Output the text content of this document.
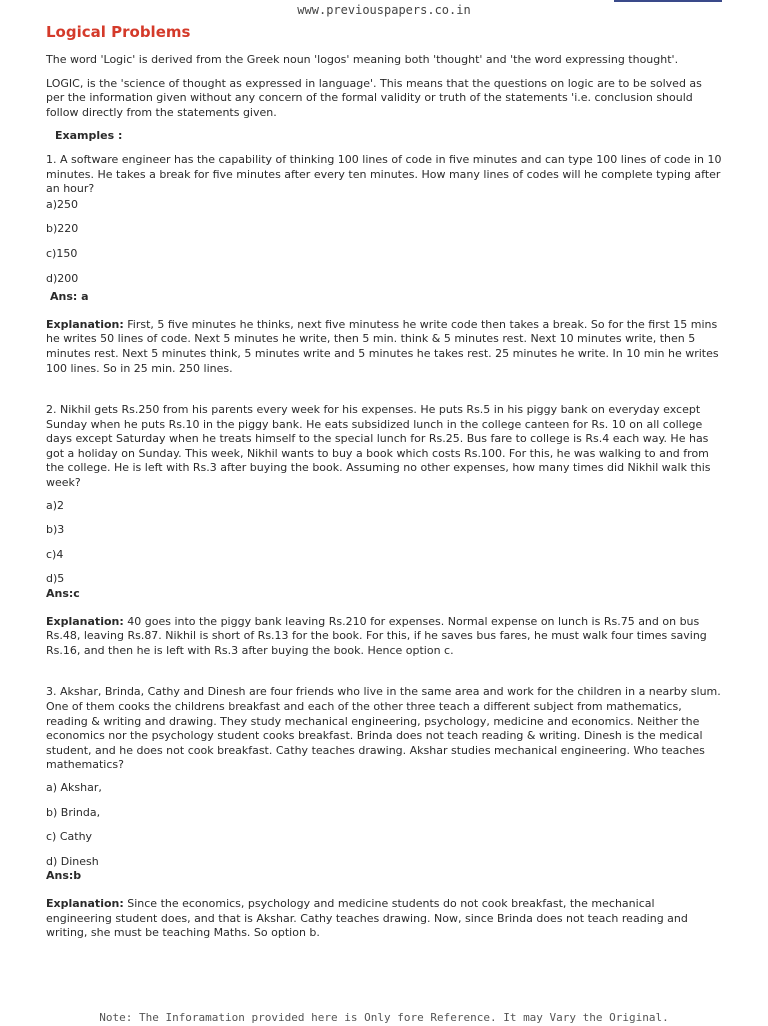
www.previouspapers.co.in
Logical Problems

The word 'Logic' is derived from the Greek noun 'logos' meaning both 'thought' and 'the word expressing thought'.

LOGIC, is the 'science of thought as expressed in language'. This means that the questions on logic are to be solved as per the information given without any concern of the formal validity or truth of the statements 'i.e. conclusion should follow directly from the statements given.

Examples :

1. A software engineer has the capability of thinking 100 lines of code in five minutes and can type 100 lines of code in 10 minutes. He takes a break for five minutes after every ten minutes. How many lines of codes will he complete typing after an hour?

a)250
b)220
c)150
d)200
Ans: a

Explanation: First, 5 five minutes he thinks, next five minutess he write code then takes a break. So for the first 15 mins he writes 50 lines of code. Next 5 minutes he write, then 5 min. think & 5 minutes rest. Next 10 minutes write, then 5 minutes rest. Next 5 minutes think, 5 minutes write and 5 minutes he takes rest. 25 minutes he write. In 10 min he writes 100 lines. So in 25 min. 250 lines.

2. Nikhil gets Rs.250 from his parents every week for his expenses. He puts Rs.5 in his piggy bank on everyday except Sunday when he puts Rs.10 in the piggy bank. He eats subsidized lunch in the college canteen for Rs. 10 on all college days except Saturday when he treats himself to the special lunch for Rs.25. Bus fare to college is Rs.4 each way. He has got a holiday on Sunday. This week, Nikhil wants to buy a book which costs Rs.100. For this, he was walking to and from the college. He is left with Rs.3 after buying the book. Assuming no other expenses, how many times did Nikhil walk this week?

a)2
b)3
c)4
d)5
Ans:c

Explanation: 40 goes into the piggy bank leaving Rs.210 for expenses. Normal expense on lunch is Rs.75 and on bus Rs.48, leaving Rs.87. Nikhil is short of Rs.13 for the book. For this, if he saves bus fares, he must walk four times saving Rs.16, and then he is left with Rs.3 after buying the book. Hence option c.

3. Akshar, Brinda, Cathy and Dinesh are four friends who live in the same area and work for the children in a nearby slum. One of them cooks the childrens breakfast and each of the other three teach a different subject from mathematics, reading & writing and drawing. They study mechanical engineering, psychology, medicine and economics. Neither the economics nor the psychology student cooks breakfast. Brinda does not teach reading & writing. Dinesh is the medical student, and he does not cook breakfast. Cathy teaches drawing. Akshar studies mechanical engineering. Who teaches mathematics?

a) Akshar,
b) Brinda,
c) Cathy
d) Dinesh
Ans:b

Explanation: Since the economics, psychology and medicine students do not cook breakfast, the mechanical engineering student does, and that is Akshar. Cathy teaches drawing. Now, since Brinda does not teach reading and writing, she must be teaching Maths. So option b.

Note: The Inforamation provided here is Only fore Reference. It may Vary the Original.
